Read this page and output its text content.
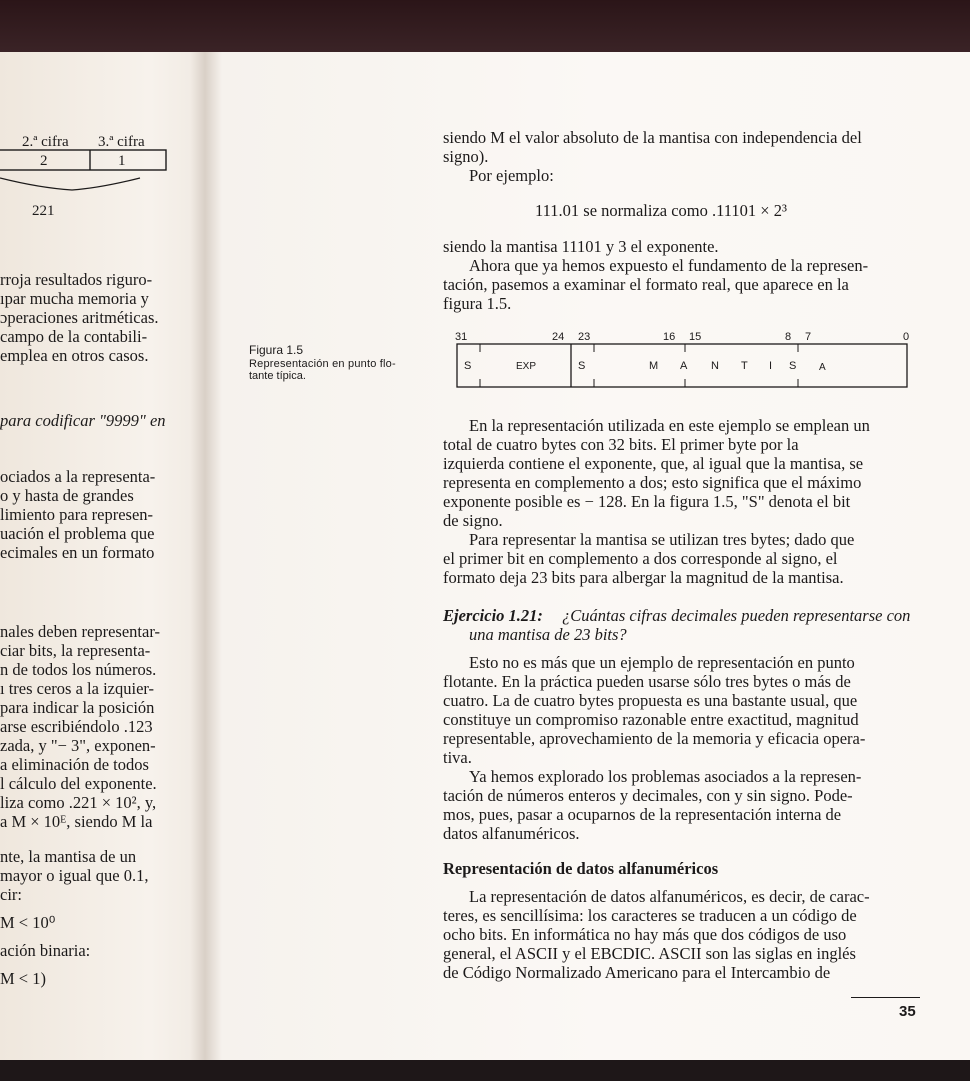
2.ª cifra 3.ª cifra
2	1
221
rroja resultados riguro-
ıpar mucha memoria y
ɔperaciones aritméticas.
campo de la contabili-
emplea en otros casos.
para codificar "9999" en
ociados a la representa-
o y hasta de grandes
limiento para represen-
uación el problema que
ecimales en un formato
nales deben representar-
ciar bits, la representa-
n de todos los números.
ı tres ceros a la izquier-
para indicar la posición
arse escribiéndolo .123
zada, y "− 3", exponen-
a eliminación de todos
l cálculo del exponente.
liza como .221 × 10², y,
a M × 10ᴱ, siendo M la
nte, la mantisa de un
mayor o igual que 0.1,
cir:
M < 10⁰
ación binaria:
M < 1)
Figura 1.5
Representación en punto flo-
tante típica.
siendo M el valor absoluto de la mantisa con independencia del
signo).
Por ejemplo:
111.01 se normaliza como .11101 × 2³
siendo la mantisa 11101 y 3 el exponente.
Ahora que ya hemos expuesto el fundamento de la represen-
tación, pasemos a examinar el formato real, que aparece en la
figura 1.5.
31	24 23	16 15	8 7	0
S	EXP	S	M A N T I S A
En la representación utilizada en este ejemplo se emplean un
total de cuatro bytes con 32 bits. El primer byte por la
izquierda contiene el exponente, que, al igual que la mantisa, se
representa en complemento a dos; esto significa que el máximo
exponente posible es − 128. En la figura 1.5, "S" denota el bit
de signo.
Para representar la mantisa se utilizan tres bytes; dado que
el primer bit en complemento a dos corresponde al signo, el
formato deja 23 bits para albergar la magnitud de la mantisa.
Ejercicio 1.21: ¿Cuántas cifras decimales pueden representarse con
una mantisa de 23 bits?
Esto no es más que un ejemplo de representación en punto
flotante. En la práctica pueden usarse sólo tres bytes o más de
cuatro. La de cuatro bytes propuesta es una bastante usual, que
constituye un compromiso razonable entre exactitud, magnitud
representable, aprovechamiento de la memoria y eficacia opera-
tiva.
Ya hemos explorado los problemas asociados a la represen-
tación de números enteros y decimales, con y sin signo. Pode-
mos, pues, pasar a ocuparnos de la representación interna de
datos alfanuméricos.
Representación de datos alfanuméricos
La representación de datos alfanuméricos, es decir, de carac-
teres, es sencillísima: los caracteres se traducen a un código de
ocho bits. En informática no hay más que dos códigos de uso
general, el ASCII y el EBCDIC. ASCII son las siglas en inglés
de Código Normalizado Americano para el Intercambio de
35
